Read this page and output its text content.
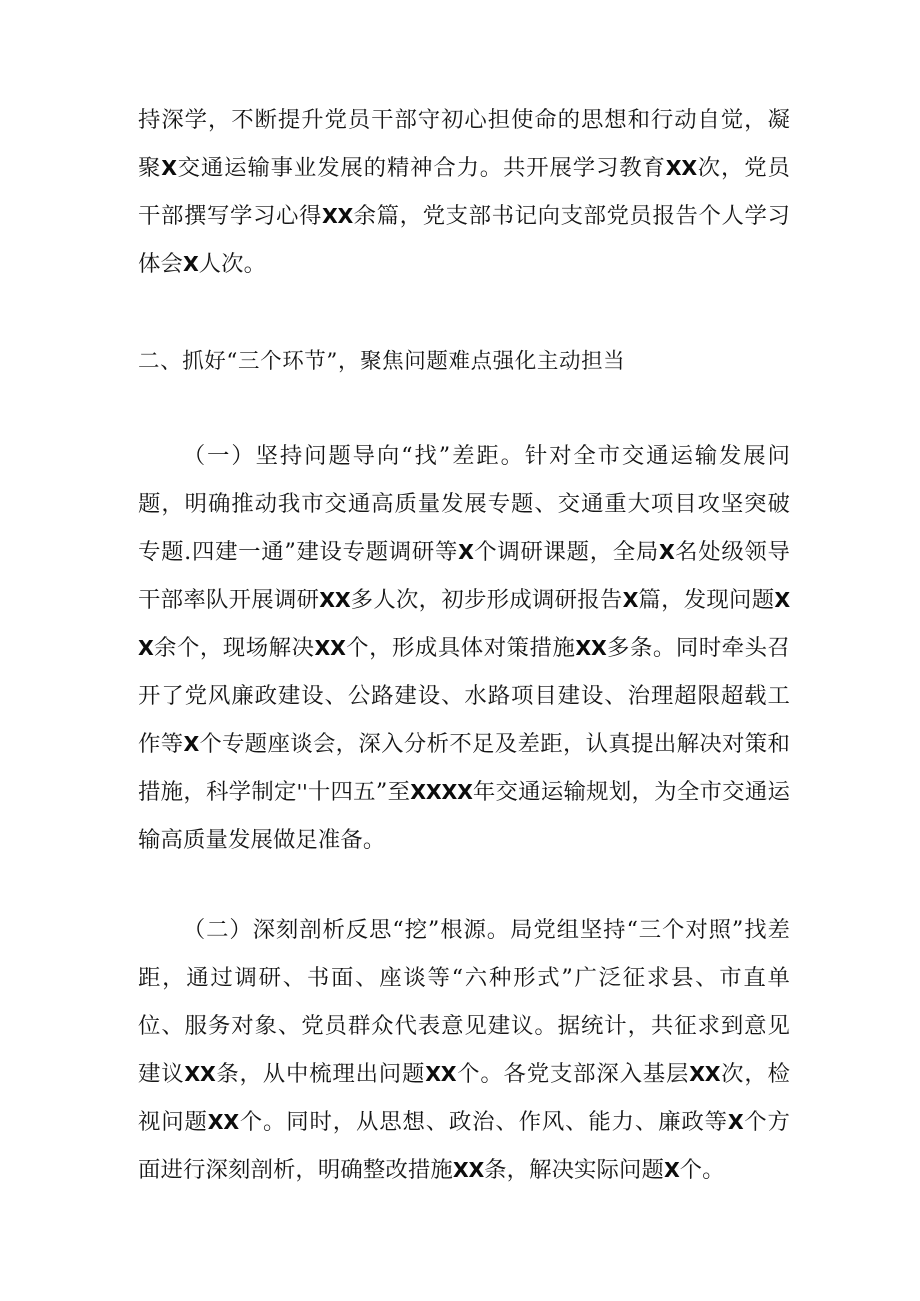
持深学，不断提升党员干部守初心担使命的思想和行动自觉，凝聚X交通运输事业发展的精神合力。共开展学习教育XX次，党员干部撰写学习心得XX余篇，党支部书记向支部党员报告个人学习体会X人次。

二、抓好“三个环节”，聚焦问题难点强化主动担当

（一）坚持问题导向“找”差距。针对全市交通运输发展问题，明确推动我市交通高质量发展专题、交通重大项目攻坚突破专题.四建一通”建设专题调研等X个调研课题，全局X名处级领导干部率队开展调研XX多人次，初步形成调研报告X篇，发现问题XX余个，现场解决XX个，形成具体对策措施XX多条。同时牵头召开了党风廉政建设、公路建设、水路项目建设、治理超限超载工作等X个专题座谈会，深入分析不足及差距，认真提出解决对策和措施，科学制定''十四五”至XXXX年交通运输规划，为全市交通运输高质量发展做足准备。

（二）深刻剖析反思“挖”根源。局党组坚持“三个对照”找差距，通过调研、书面、座谈等“六种形式”广泛征求县、市直单位、服务对象、党员群众代表意见建议。据统计，共征求到意见建议XX条，从中梳理出问题XX个。各党支部深入基层XX次，检视问题XX个。同时，从思想、政治、作风、能力、廉政等X个方面进行深刻剖析，明确整改措施XX条，解决实际问题X个。
